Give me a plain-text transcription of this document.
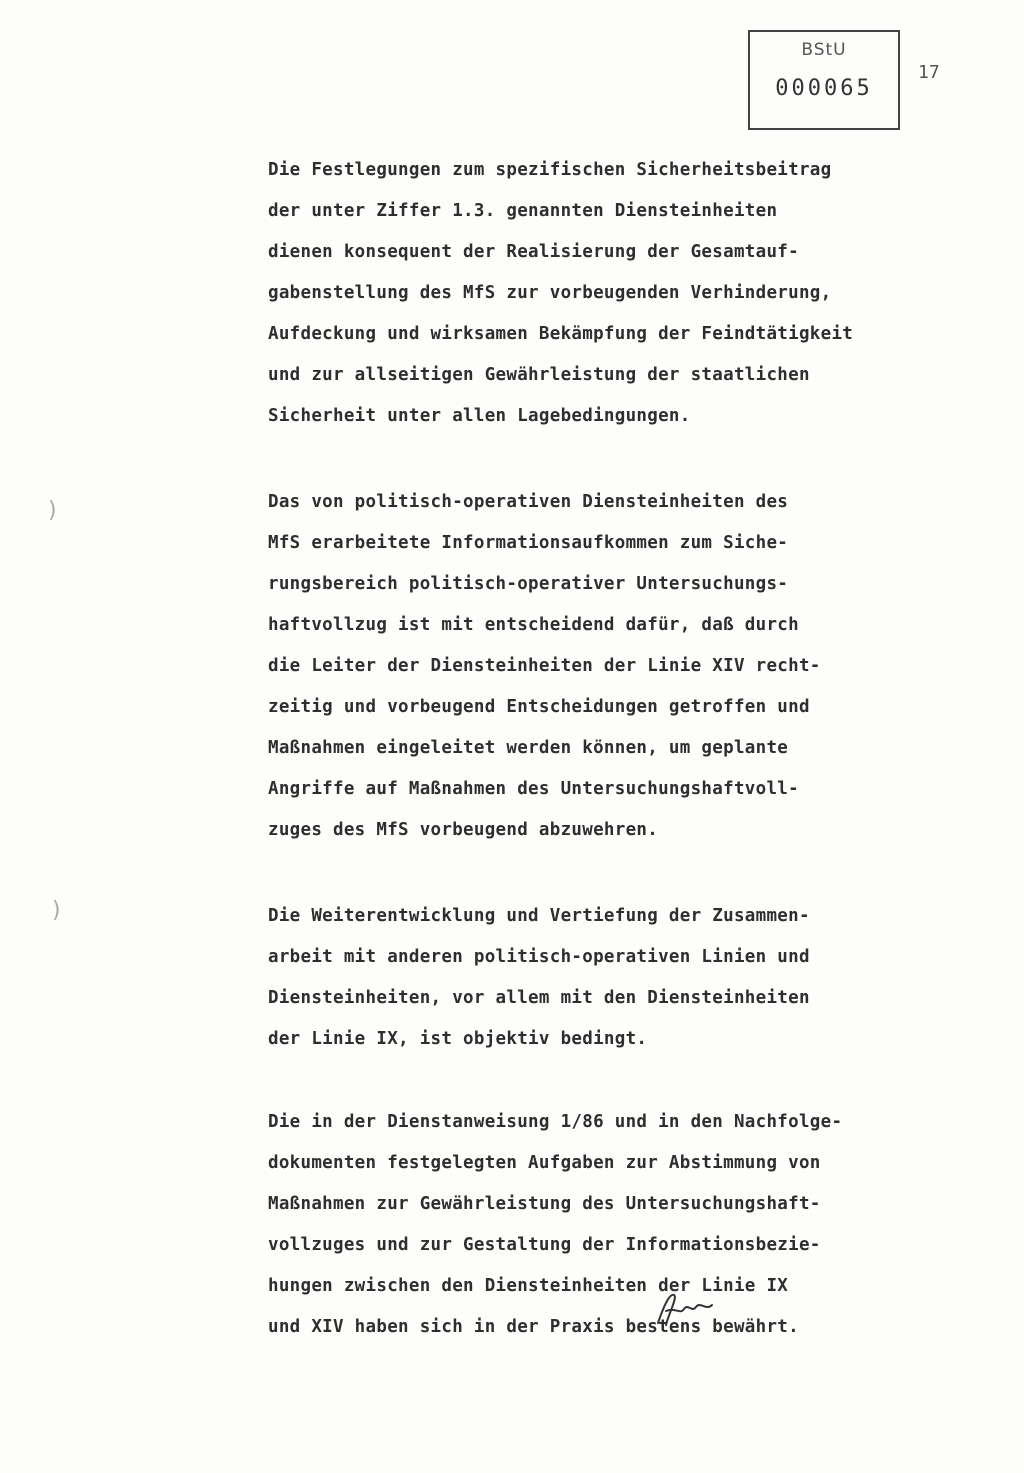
BStU
000065
17
Die Festlegungen zum spezifischen Sicherheitsbeitrag
der unter Ziffer 1.3. genannten Diensteinheiten
dienen konsequent der Realisierung der Gesamtauf-
gabenstellung des MfS zur vorbeugenden Verhinderung,
Aufdeckung und wirksamen Bekämpfung der Feindtätigkeit
und zur allseitigen Gewährleistung der staatlichen
Sicherheit unter allen Lagebedingungen.
Das von politisch-operativen Diensteinheiten des
MfS erarbeitete Informationsaufkommen zum Siche-
rungsbereich politisch-operativer Untersuchungs-
haftvollzug ist mit entscheidend dafür, daß durch
die Leiter der Diensteinheiten der Linie XIV recht-
zeitig und vorbeugend Entscheidungen getroffen und
Maßnahmen eingeleitet werden können, um geplante
Angriffe auf Maßnahmen des Untersuchungshaftvoll-
zuges des MfS vorbeugend abzuwehren.
Die Weiterentwicklung und Vertiefung der Zusammen-
arbeit mit anderen politisch-operativen Linien und
Diensteinheiten, vor allem mit den Diensteinheiten
der Linie IX, ist objektiv bedingt.
Die in der Dienstanweisung 1/86 und in den Nachfolge-
dokumenten festgelegten Aufgaben zur Abstimmung von
Maßnahmen zur Gewährleistung des Untersuchungshaft-
vollzuges und zur Gestaltung der Informationsbezie-
hungen zwischen den Diensteinheiten der Linie IX
und XIV haben sich in der Praxis bestens bewährt.
)
)
